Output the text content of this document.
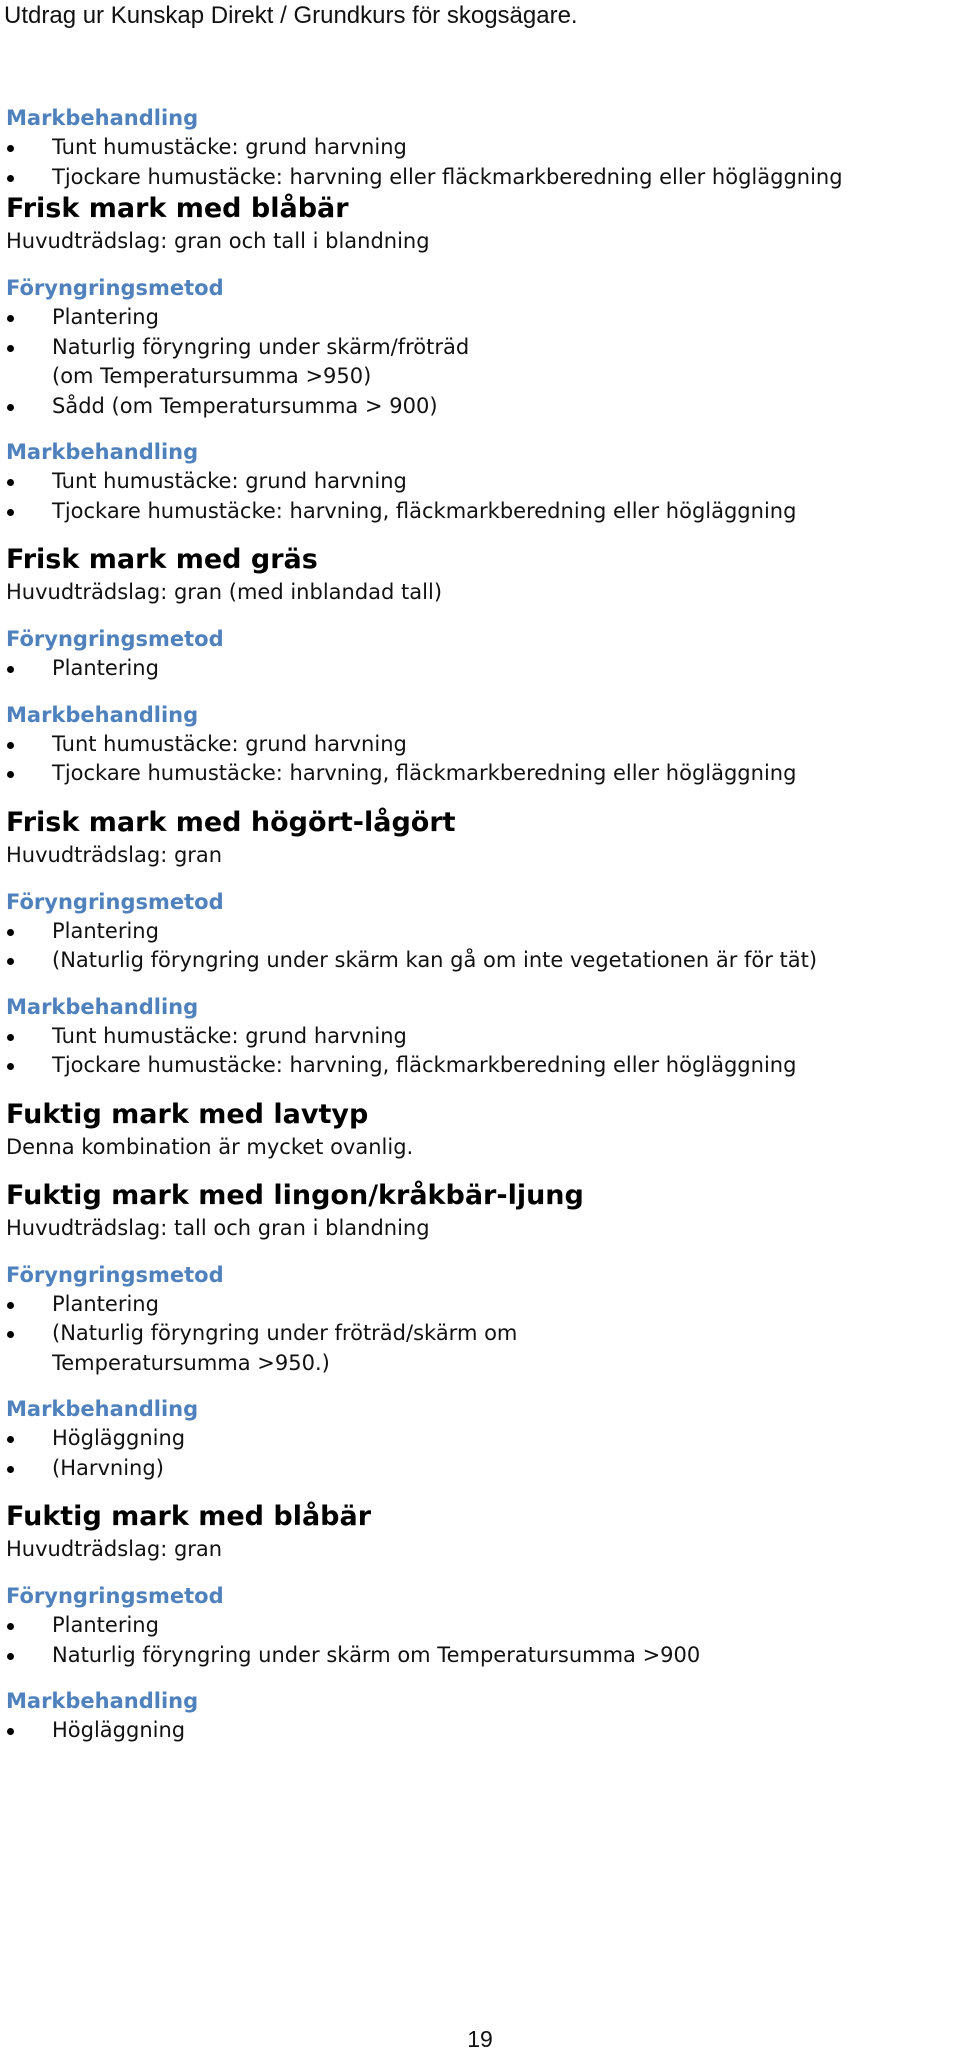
Utdrag ur Kunskap Direkt / Grundkurs för skogsägare.
Markbehandling
Tunt humustäcke: grund harvning
Tjockare humustäcke: harvning eller fläckmarkberedning eller högläggning
Frisk mark med blåbär
Huvudträdslag: gran och tall i blandning
Föryngringsmetod
Plantering
Naturlig föryngring under skärm/fröträd
(om Temperatursumma >950)
Sådd (om Temperatursumma > 900)
Markbehandling
Tunt humustäcke: grund harvning
Tjockare humustäcke: harvning, fläckmarkberedning eller högläggning
Frisk mark med gräs
Huvudträdslag: gran (med inblandad tall)
Föryngringsmetod
Plantering
Markbehandling
Tunt humustäcke: grund harvning
Tjockare humustäcke: harvning, fläckmarkberedning eller högläggning
Frisk mark med högört-lågört
Huvudträdslag: gran
Föryngringsmetod
Plantering
(Naturlig föryngring under skärm kan gå om inte vegetationen är för tät)
Markbehandling
Tunt humustäcke: grund harvning
Tjockare humustäcke: harvning, fläckmarkberedning eller högläggning
Fuktig mark med lavtyp
Denna kombination är mycket ovanlig.
Fuktig mark med lingon/kråkbär-ljung
Huvudträdslag: tall och gran i blandning
Föryngringsmetod
Plantering
(Naturlig föryngring under fröträd/skärm om
Temperatursumma >950.)
Markbehandling
Högläggning
(Harvning)
Fuktig mark med blåbär
Huvudträdslag: gran
Föryngringsmetod
Plantering
Naturlig föryngring under skärm om Temperatursumma >900
Markbehandling
Högläggning
19
